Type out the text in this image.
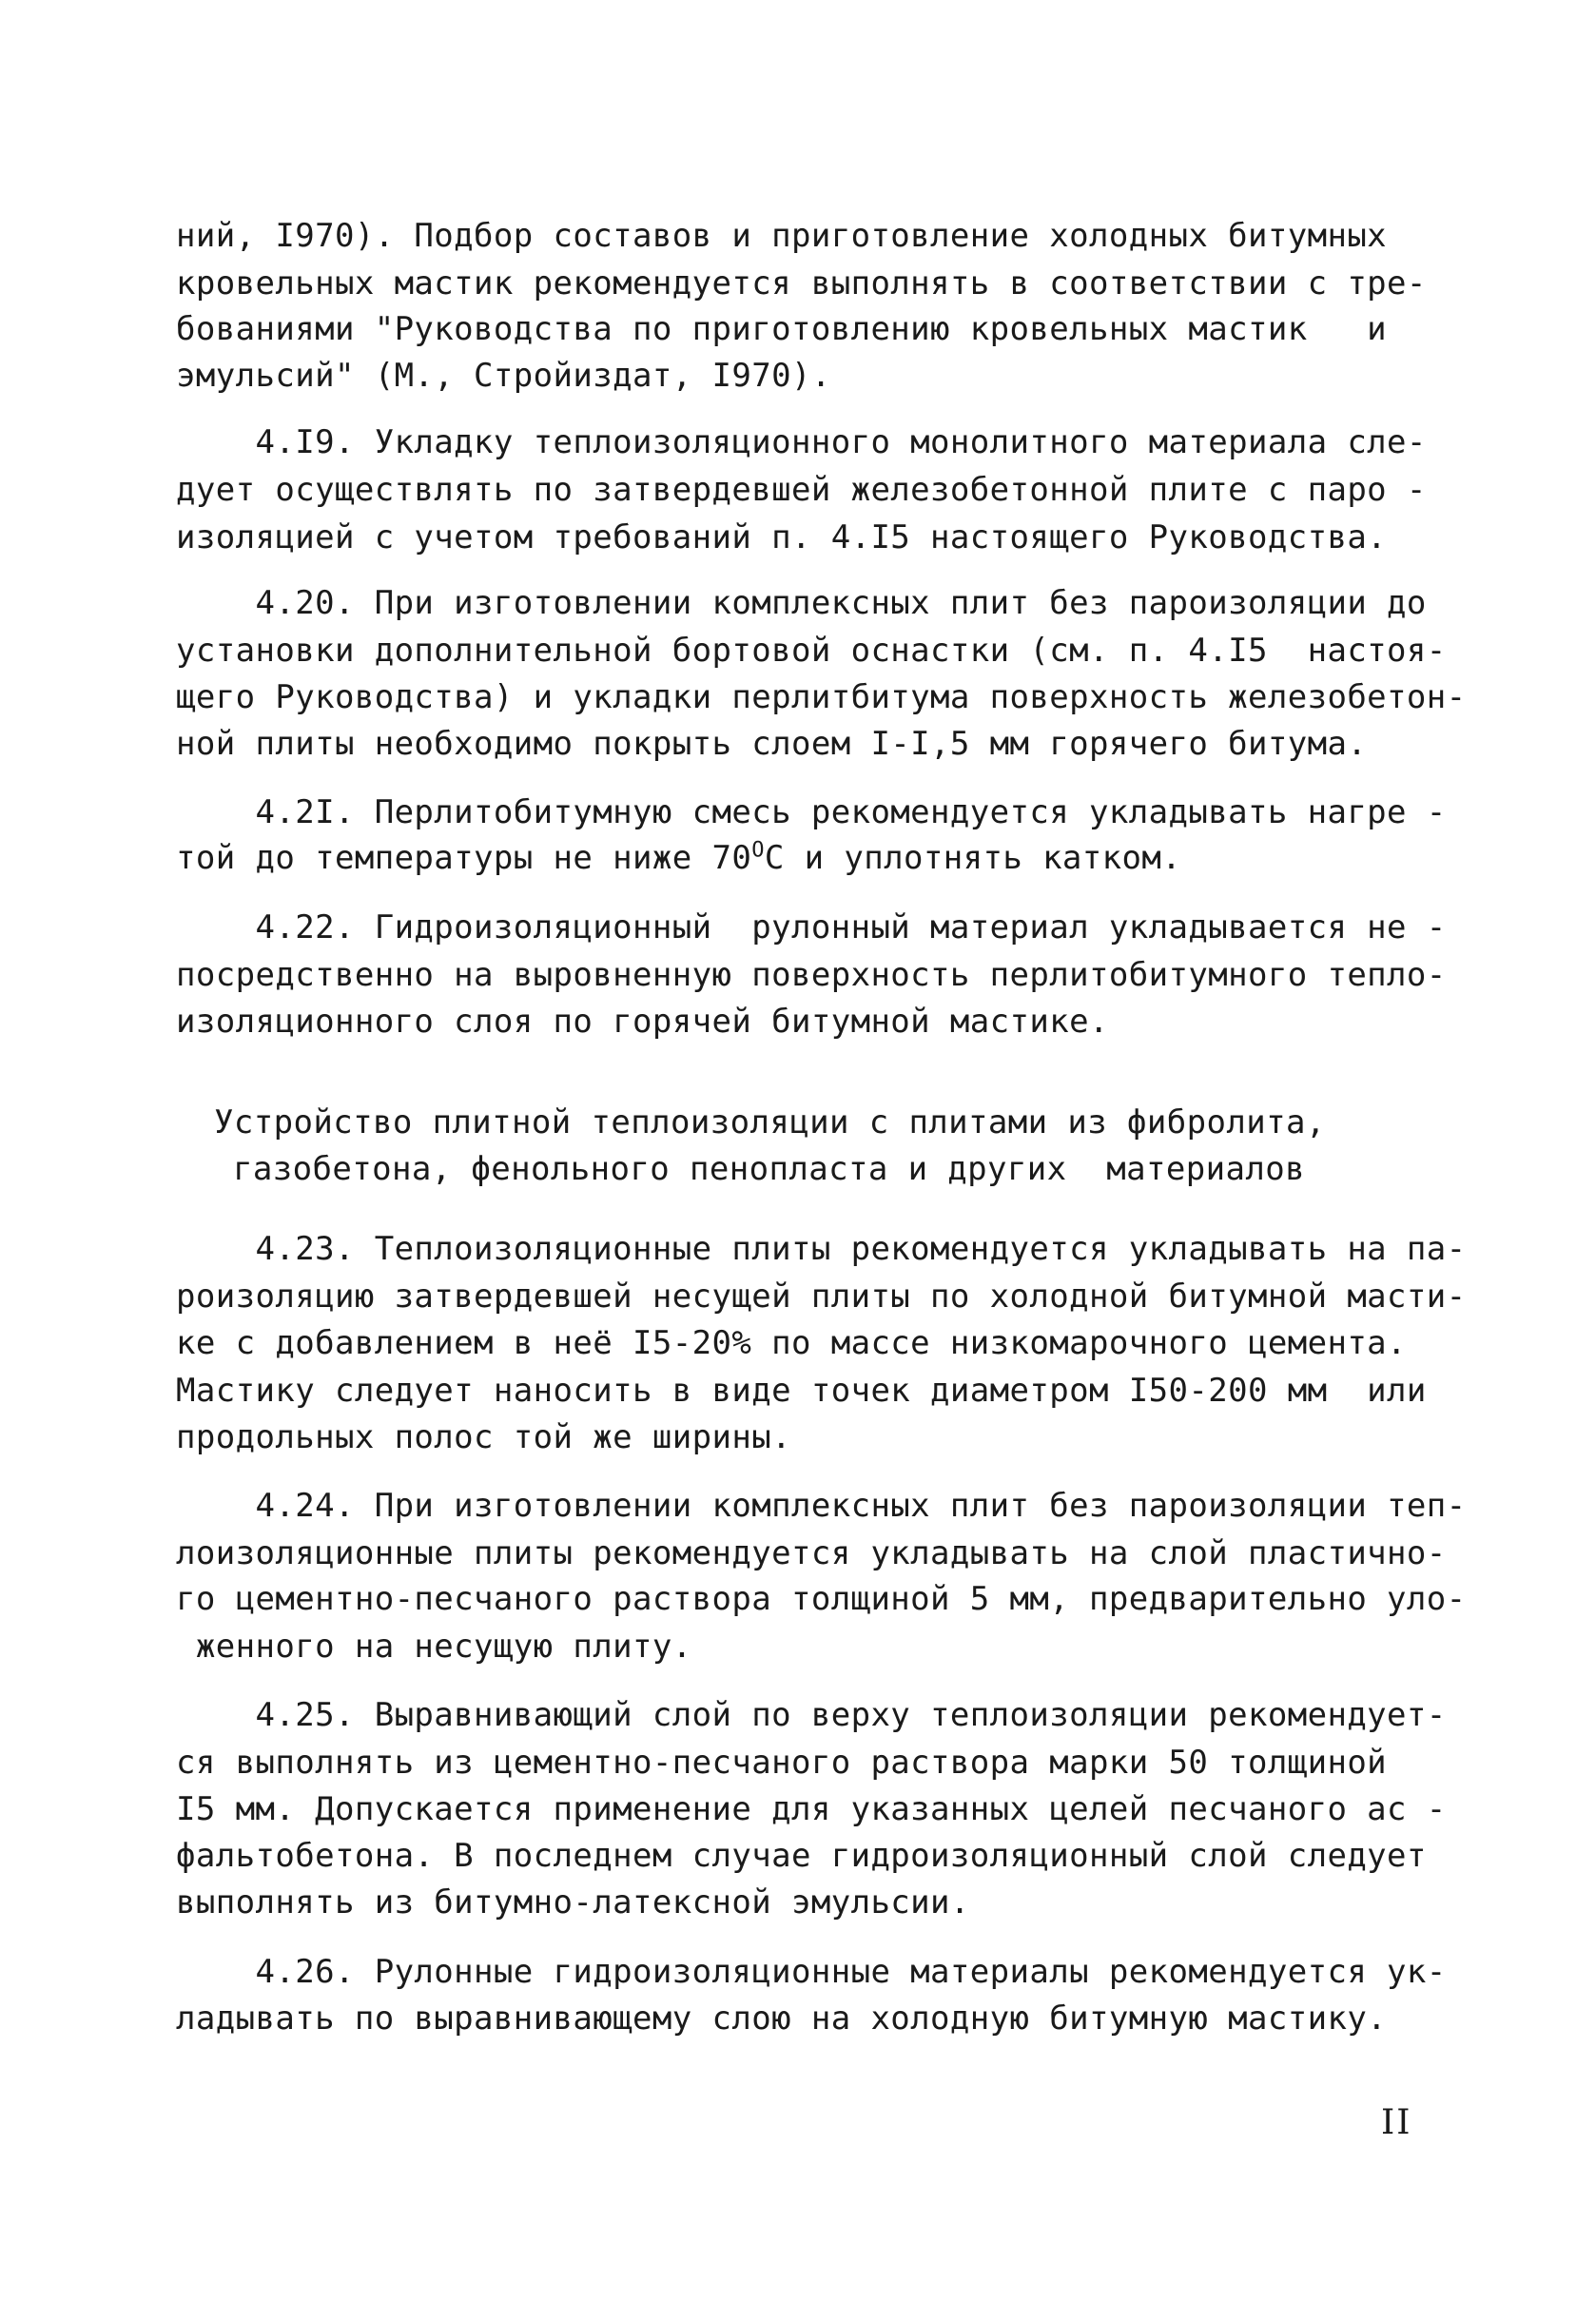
ний, I970). Подбор составов и приготовление холодных битумных
кровельных мастик рекомендуется выполнять в соответствии с тре-
бованиями "Руководства по приготовлению кровельных мастик   и
эмульсий" (М., Стройиздат, I970).
4.I9. Укладку теплоизоляционного монолитного материала сле-
дует осуществлять по затвердевшей железобетонной плите с паро -
изоляцией с учетом требований п. 4.I5 настоящего Руководства.
4.20. При изготовлении комплексных плит без пароизоляции до
установки дополнительной бортовой оснастки (см. п. 4.I5  настоя-
щего Руководства) и укладки перлитбитума поверхность железобетон-
ной плиты необходимо покрыть слоем I-I,5 мм горячего битума.
4.2I. Перлитобитумную смесь рекомендуется укладывать нагре -
той до температуры не ниже $70^ОС$ и уплотнять катком.
4.22. Гидроизоляционный  рулонный материал укладывается не -
посредственно на выровненную поверхность перлитобитумного тепло-
изоляционного слоя по горячей битумной мастике.
Устройство плитной теплоизоляции с плитами из фибролита,
газобетона, фенольного пенопласта и других  материалов
4.23. Теплоизоляционные плиты рекомендуется укладывать на па-
роизоляцию затвердевшей несущей плиты по холодной битумной масти-
ке с добавлением в неё I5-20% по массе низкомарочного цемента.
Мастику следует наносить в виде точек диаметром I50-200 мм  или
продольных полос той же ширины.
4.24. При изготовлении комплексных плит без пароизоляции теп-
лоизоляционные плиты рекомендуется укладывать на слой пластично-
го цементно-песчаного раствора толщиной 5 мм, предварительно уло-
женного на несущую плиту.
4.25. Выравнивающий слой по верху теплоизоляции рекомендует-
ся выполнять из цементно-песчаного раствора марки 50 толщиной
I5 мм. Допускается применение для указанных целей песчаного ас -
фальтобетона. В последнем случае гидроизоляционный слой следует
выполнять из битумно-латексной эмульсии.
4.26. Рулонные гидроизоляционные материалы рекомендуется ук-
ладывать по выравнивающему слою на холодную битумную мастику.
II
